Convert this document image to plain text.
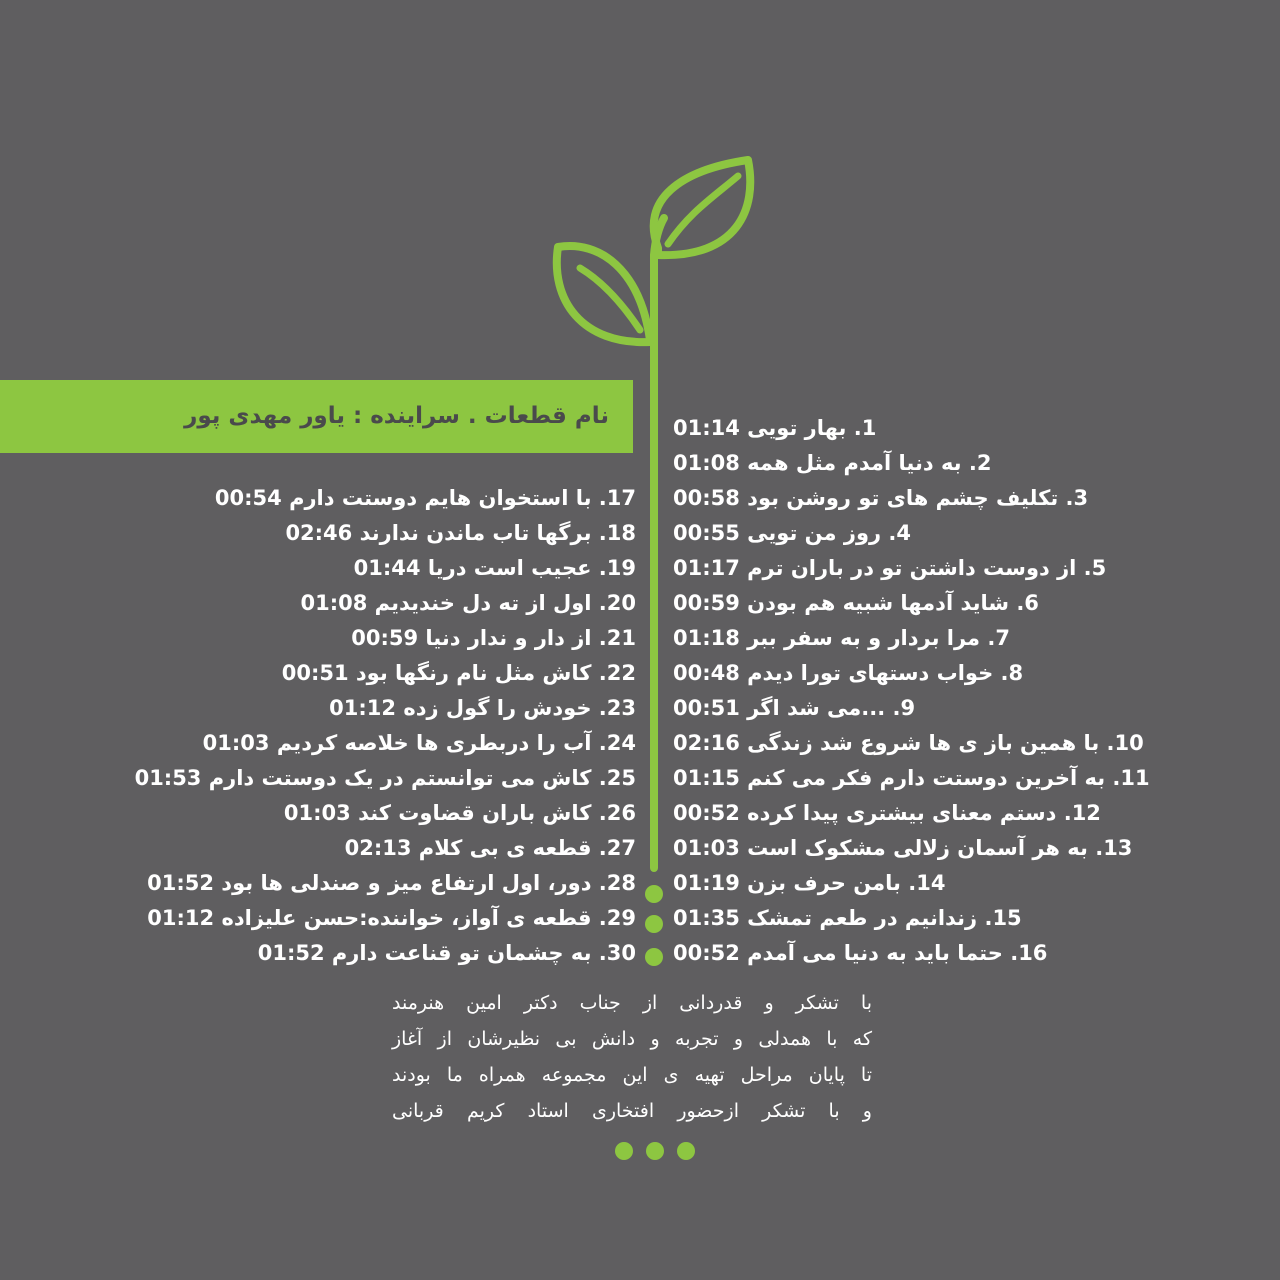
نام قطعات . سراینده : یاور مهدی پور	1. بهار تویی 01:14
2. به دنیا آمدم مثل همه 01:08
3. تکلیف چشم های تو روشن بود 00:58
4. روز من تویی 00:55
5. از دوست داشتن تو در باران ترم 01:17
6. شاید آدمها شبیه هم بودن 00:59
7. مرا بردار و به سفر ببر 01:18
8. خواب دستهای تورا دیدم 00:48
9. ...می شد اگر 00:51
10. با همین باز ی ها شروع شد زندگی 02:16
11. به آخرین دوستت دارم فکر می کنم 01:15
12. دستم معنای بیشتری پیدا کرده 00:52
13. به هر آسمان زلالی مشکوک است 01:03
14. بامن حرف بزن 01:19
15. زندانیم در طعم تمشک 01:35
16. حتما باید به دنیا می آمدم 00:52
17. با استخوان هایم دوستت دارم 00:54
18. برگها تاب ماندن ندارند 02:46
19. عجیب است دریا 01:44
20. اول از ته دل خندیدیم 01:08
21. از دار و ندار دنیا 00:59
22. کاش مثل نام رنگها بود 00:51
23. خودش را گول زده 01:12
24. آب را دربطری ها خلاصه کردیم 01:03
25. کاش می توانستم در یک دوستت دارم 01:53
26. کاش باران قضاوت کند 01:03
27. قطعه ی بی کلام 02:13
28. دور، اول ارتفاع میز و صندلی ها بود 01:52
29. قطعه ی آواز، خواننده:حسن علیزاده 01:12
30. به چشمان تو قناعت دارم 01:52
با تشکر و قدردانی از جناب دکتر امین هنرمند
که با همدلی و تجربه و دانش بی نظیرشان از آغاز
تا پایان مراحل تهیه ی این مجموعه همراه ما بودند
و با تشکر ازحضور افتخاری استاد کریم قربانی
